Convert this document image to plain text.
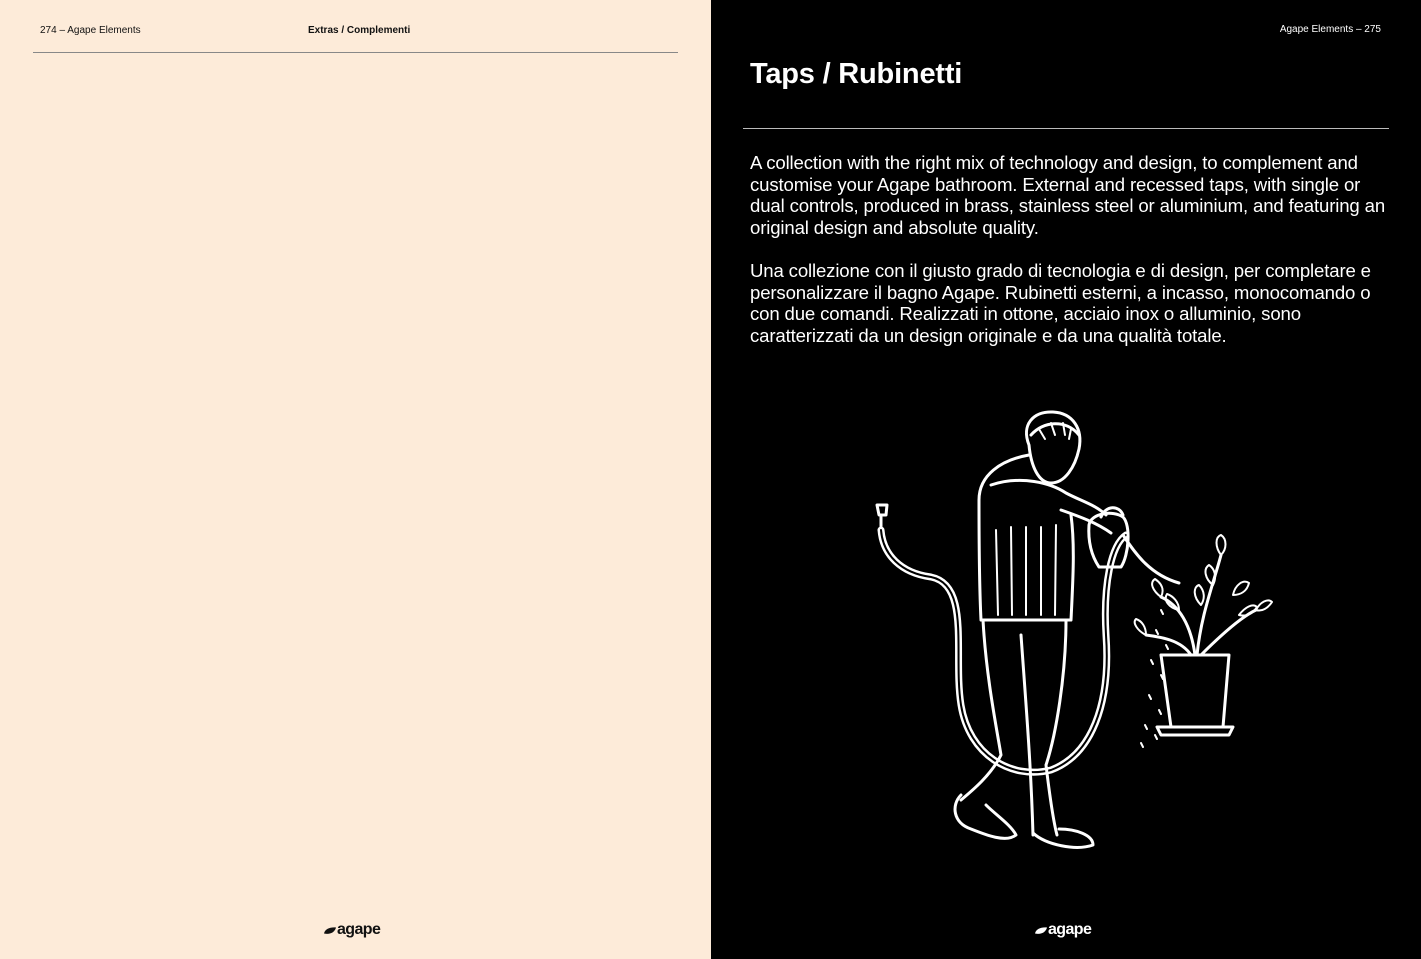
274 – Agape Elements	Extras / Complementi
agape
Agape Elements – 275
Taps / Rubinetti

A collection with the right mix of technology and design, to complement and customise your Agape bathroom. External and recessed taps, with single or dual controls, produced in brass, stainless steel or aluminium, and featuring an original design and absolute quality.

Una collezione con il giusto grado di tecnologia e di design, per completare e personalizzare il bagno Agape. Rubinetti esterni, a incasso, monocomando o con due comandi. Realizzati in ottone, acciaio inox o alluminio, sono caratterizzati da un design originale e da una qualità totale.

agape
